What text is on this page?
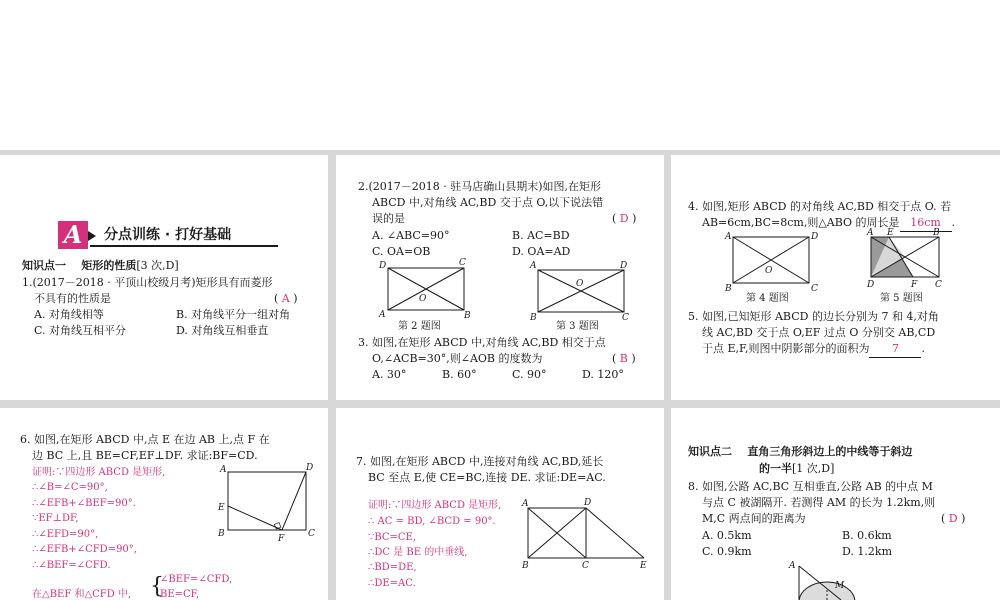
A	分点训练 · 打好基础
知识点一 矩形的性质[3 次,D]
1.(2017－2018 · 平顶山校级月考)矩形具有而菱形
不具有的性质是	( A )
A. 对角线相等	B. 对角线平分一组对角
C. 对角线互相平分	D. 对角线互相垂直
2.(2017－2018 · 驻马店确山县期末)如图,在矩形
ABCD 中,对角线 AC,BD 交于点 O,以下说法错
误的是	( D )
A. ∠ABC=90°	B. AC=BD
C. OA=OB	D. OA=AD
D	C
A	B
O
第 2 题图
A	D
B	C
O
第 3 题图
3. 如图,在矩形 ABCD 中,对角线 AC,BD 相交于点
O,∠ACB=30°,则∠AOB 的度数为	( B )
A. 30°	B. 60°	C. 90°	D. 120°
4. 如图,矩形 ABCD 的对角线 AC,BD 相交于点 O. 若
AB=6cm,BC=8cm,则△ABO 的周长是 16cm .
A	D
B	C
O
第 4 题图
A E	B
D	F C
第 5 题图
5. 如图,已知矩形 ABCD 的边长分别为 7 和 4,对角
线 AC,BD 交于点 O,EF 过点 O 分别交 AB,CD
于点 E,F,则图中阴影部分的面积为 7 .
6. 如图,在矩形 ABCD 中,点 E 在边 AB 上,点 F 在
边 BC 上,且 BE=CF,EF⊥DF. 求证:BF=CD.
证明:∵四边形 ABCD 是矩形,
∴∠B=∠C=90°,
∴∠EFB+∠BEF=90°.
∵EF⊥DF,
∴∠EFD=90°,
∴∠EFB+∠CFD=90°,
∴∠BEF=∠CFD.
在△BEF 和△CFD 中, {
∠BEF=∠CFD,
BE=CF,
A	D
E
B	F	C
7. 如图,在矩形 ABCD 中,连接对角线 AC,BD,延长
BC 至点 E,使 CE=BC,连接 DE. 求证:DE=AC.
证明:∵四边形 ABCD 是矩形,
∴ AC = BD, ∠BCD = 90°.
∵BC=CE,
∴DC 是 BE 的中垂线,
∴BD=DE,
∴DE=AC.
A	D
B	C	E
知识点二 直角三角形斜边上的中线等于斜边
的一半[1 次,D]
8. 如图,公路 AC,BC 互相垂直,公路 AB 的中点 M
与点 C 被湖隔开. 若测得 AM 的长为 1.2km,则
M,C 两点间的距离为	( D )
A. 0.5km	B. 0.6km
C. 0.9km	D. 1.2km
A
M
